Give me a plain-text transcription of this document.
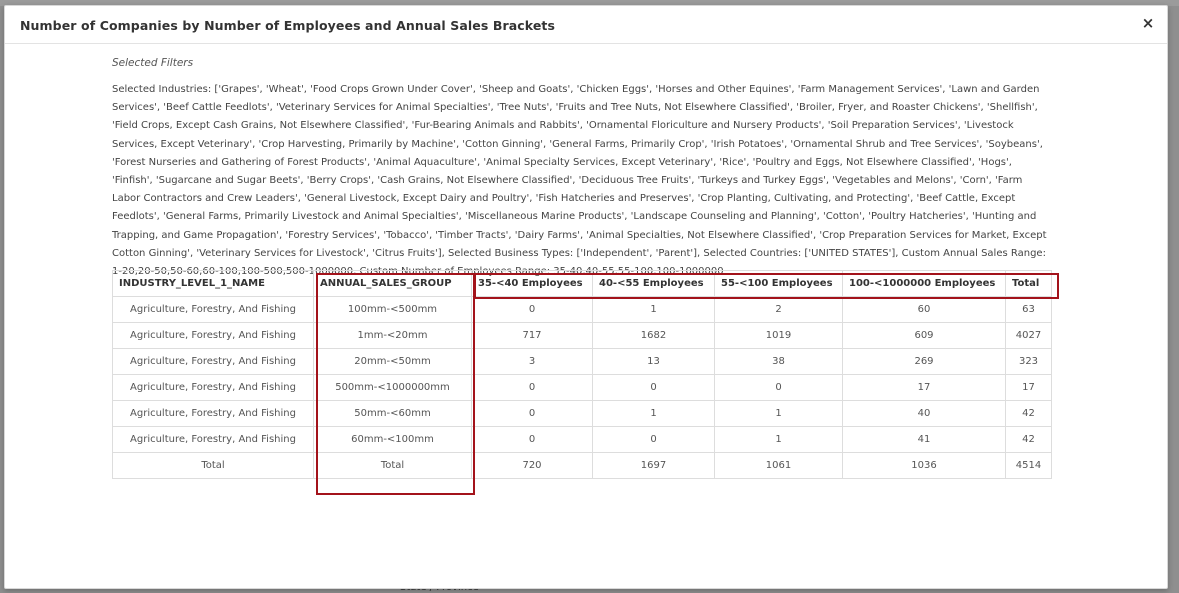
Number of Companies by Number of Employees and Annual Sales Brackets	×
Selected Filters
Selected Industries: ['Grapes', 'Wheat', 'Food Crops Grown Under Cover', 'Sheep and Goats', 'Chicken Eggs', 'Horses and Other Equines', 'Farm Management Services', 'Lawn and Garden Services', 'Beef Cattle Feedlots', 'Veterinary Services for Animal Specialties', 'Tree Nuts', 'Fruits and Tree Nuts, Not Elsewhere Classified', 'Broiler, Fryer, and Roaster Chickens', 'Shellfish', 'Field Crops, Except Cash Grains, Not Elsewhere Classified', 'Fur-Bearing Animals and Rabbits', 'Ornamental Floriculture and Nursery Products', 'Soil Preparation Services', 'Livestock Services, Except Veterinary', 'Crop Harvesting, Primarily by Machine', 'Cotton Ginning', 'General Farms, Primarily Crop', 'Irish Potatoes', 'Ornamental Shrub and Tree Services', 'Soybeans', 'Forest Nurseries and Gathering of Forest Products', 'Animal Aquaculture', 'Animal Specialty Services, Except Veterinary', 'Rice', 'Poultry and Eggs, Not Elsewhere Classified', 'Hogs', 'Finfish', 'Sugarcane and Sugar Beets', 'Berry Crops', 'Cash Grains, Not Elsewhere Classified', 'Deciduous Tree Fruits', 'Turkeys and Turkey Eggs', 'Vegetables and Melons', 'Corn', 'Farm Labor Contractors and Crew Leaders', 'General Livestock, Except Dairy and Poultry', 'Fish Hatcheries and Preserves', 'Crop Planting, Cultivating, and Protecting', 'Beef Cattle, Except Feedlots', 'General Farms, Primarily Livestock and Animal Specialties', 'Miscellaneous Marine Products', 'Landscape Counseling and Planning', 'Cotton', 'Poultry Hatcheries', 'Hunting and Trapping, and Game Propagation', 'Forestry Services', 'Tobacco', 'Timber Tracts', 'Dairy Farms', 'Animal Specialties, Not Elsewhere Classified', 'Crop Preparation Services for Market, Except Cotton Ginning', 'Veterinary Services for Livestock', 'Citrus Fruits'], Selected Business Types: ['Independent', 'Parent'], Selected Countries: ['UNITED STATES'], Custom Annual Sales Range: 1-20,20-50,50-60,60-100,100-500,500-1000000, Custom Number of Employees Range: 35-40,40-55,55-100,100-1000000
INDUSTRY_LEVEL_1_NAME	ANNUAL_SALES_GROUP	35-<40 Employees	40-<55 Employees	55-<100 Employees	100-<1000000 Employees	Total
Agriculture, Forestry, And Fishing	100mm-<500mm	0	1	2	60	63
Agriculture, Forestry, And Fishing	1mm-<20mm	717	1682	1019	609	4027
Agriculture, Forestry, And Fishing	20mm-<50mm	3	13	38	269	323
Agriculture, Forestry, And Fishing	500mm-<1000000mm	0	0	0	17	17
Agriculture, Forestry, And Fishing	50mm-<60mm	0	1	1	40	42
Agriculture, Forestry, And Fishing	60mm-<100mm	0	0	1	41	42
Total	Total	720	1697	1061	1036	4514
